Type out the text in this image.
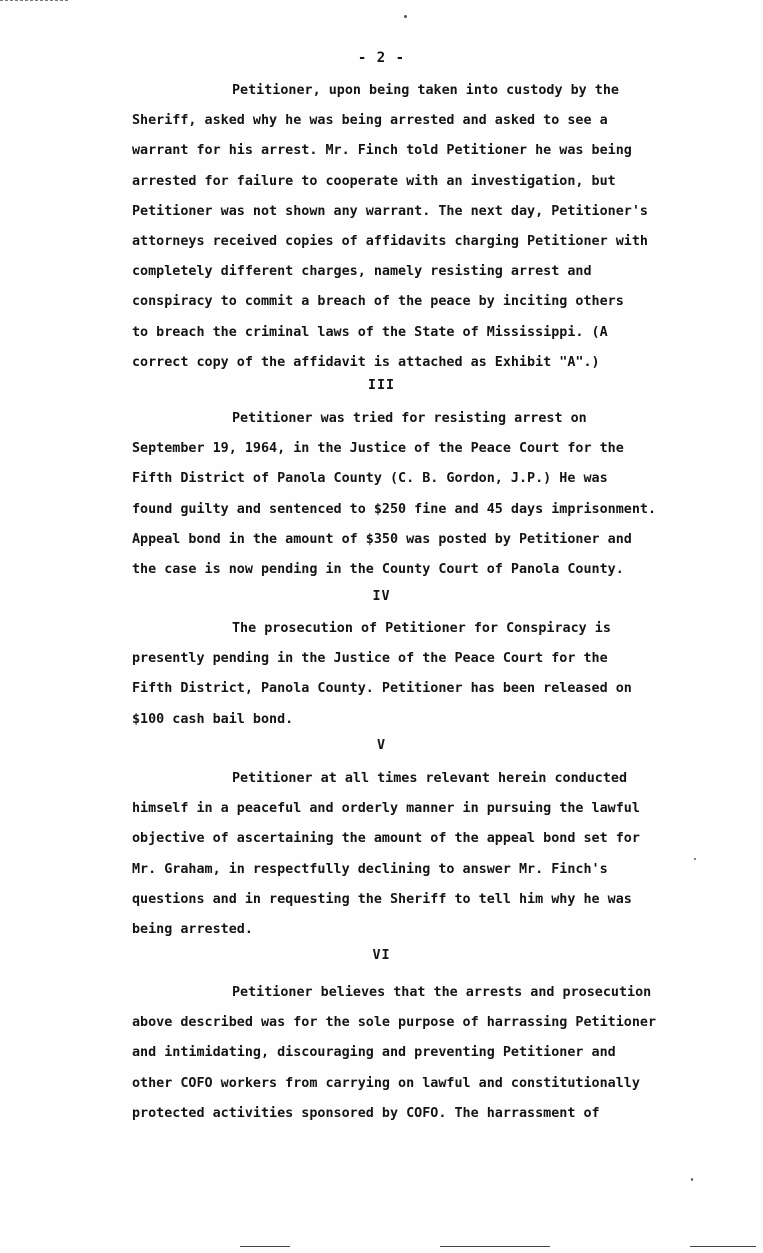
- 2 -
Petitioner, upon being taken into custody by the
Sheriff, asked why he was being arrested and asked to see a
warrant for his arrest. Mr. Finch told Petitioner he was being
arrested for failure to cooperate with an investigation, but
Petitioner was not shown any warrant. The next day, Petitioner's
attorneys received copies of affidavits charging Petitioner with
completely different charges, namely resisting arrest and
conspiracy to commit a breach of the peace by inciting others
to breach the criminal laws of the State of Mississippi. (A
correct copy of the affidavit is attached as Exhibit "A".)
III
Petitioner was tried for resisting arrest on
September 19, 1964, in the Justice of the Peace Court for the
Fifth District of Panola County (C. B. Gordon, J.P.) He was
found guilty and sentenced to $250 fine and 45 days imprisonment.
Appeal bond in the amount of $350 was posted by Petitioner and
the case is now pending in the County Court of Panola County.
IV
The prosecution of Petitioner for Conspiracy is
presently pending in the Justice of the Peace Court for the
Fifth District, Panola County. Petitioner has been released on
$100 cash bail bond.
V
Petitioner at all times relevant herein conducted
himself in a peaceful and orderly manner in pursuing the lawful
objective of ascertaining the amount of the appeal bond set for
Mr. Graham, in respectfully declining to answer Mr. Finch's
questions and in requesting the Sheriff to tell him why he was
being arrested.
VI
Petitioner believes that the arrests and prosecution
above described was for the sole purpose of harrassing Petitioner
and intimidating, discouraging and preventing Petitioner and
other COFO workers from carrying on lawful and constitutionally
protected activities sponsored by COFO. The harrassment of
